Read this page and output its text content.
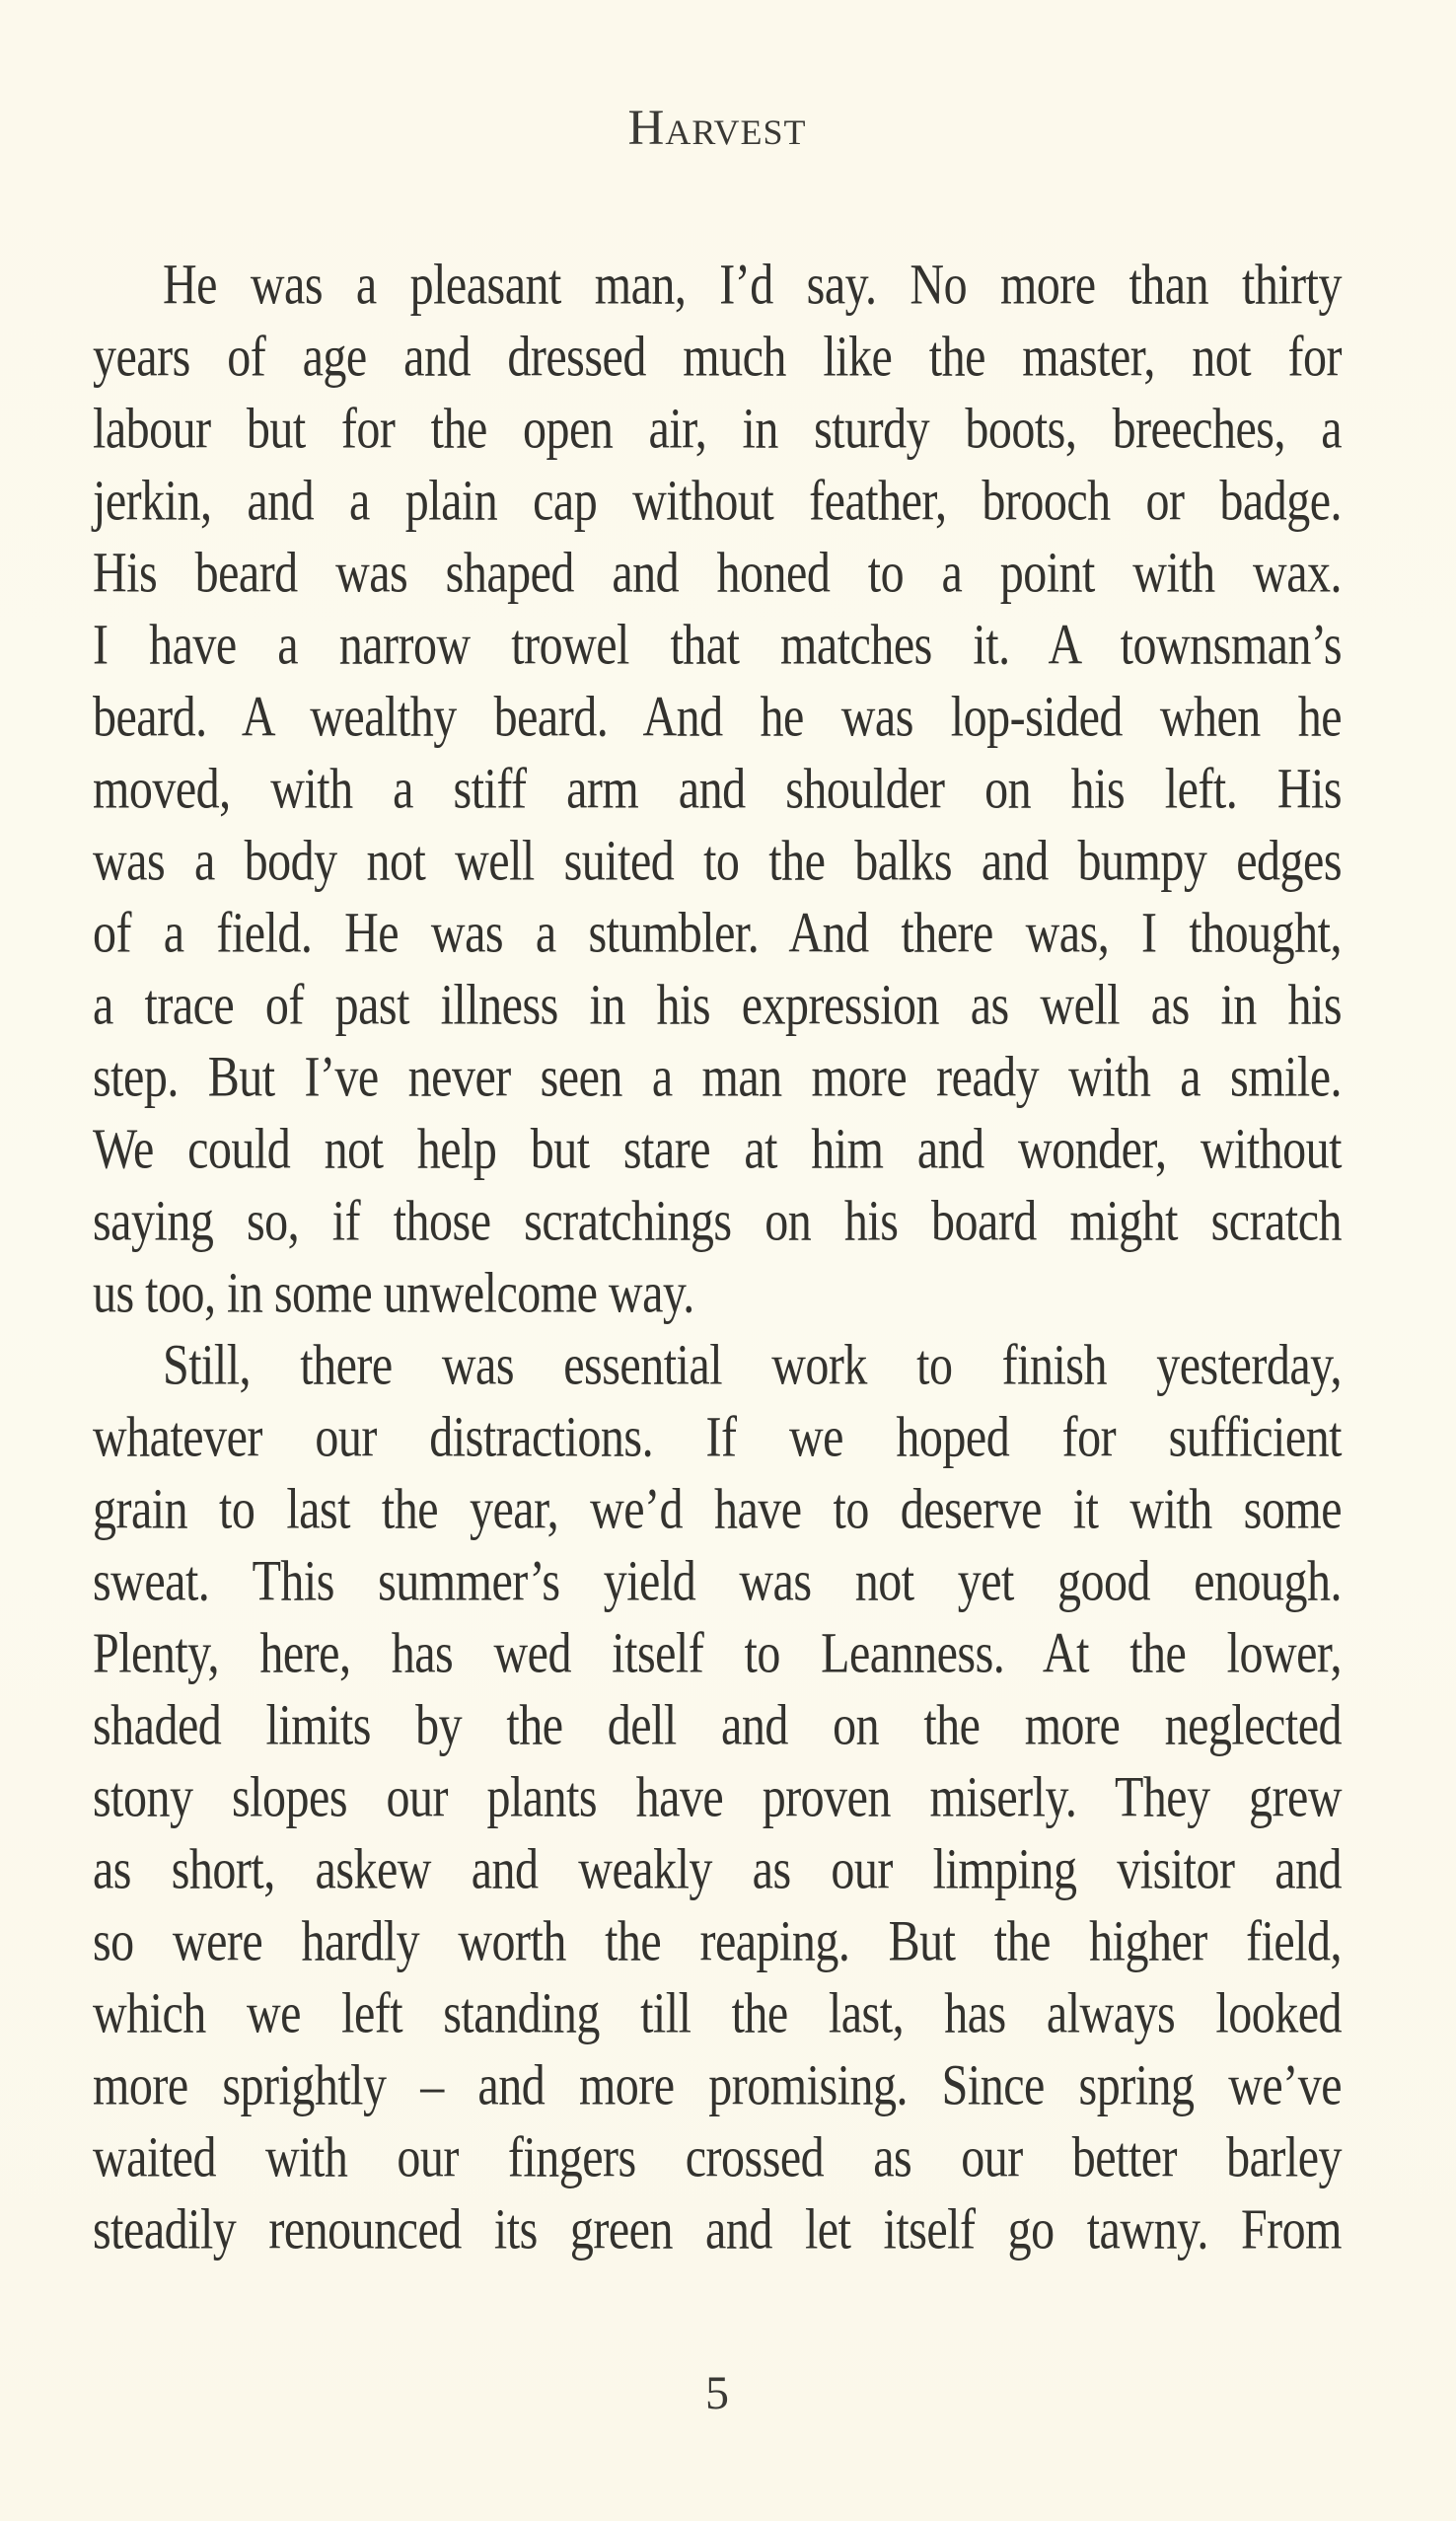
Harvest
He was a pleasant man, I’d say. No more than thirty
years of age and dressed much like the master, not for
labour but for the open air, in sturdy boots, breeches, a
jerkin, and a plain cap without feather, brooch or badge.
His beard was shaped and honed to a point with wax.
I have a narrow trowel that matches it. A townsman’s
beard. A wealthy beard. And he was lop-sided when he
moved, with a stiff arm and shoulder on his left. His
was a body not well suited to the balks and bumpy edges
of a field. He was a stumbler. And there was, I thought,
a trace of past illness in his expression as well as in his
step. But I’ve never seen a man more ready with a smile.
We could not help but stare at him and wonder, without
saying so, if those scratchings on his board might scratch
us too, in some unwelcome way.
Still, there was essential work to finish yesterday,
whatever our distractions. If we hoped for sufficient
grain to last the year, we’d have to deserve it with some
sweat. This summer’s yield was not yet good enough.
Plenty, here, has wed itself to Leanness. At the lower,
shaded limits by the dell and on the more neglected
stony slopes our plants have proven miserly. They grew
as short, askew and weakly as our limping visitor and
so were hardly worth the reaping. But the higher field,
which we left standing till the last, has always looked
more sprightly – and more promising. Since spring we’ve
waited with our fingers crossed as our better barley
steadily renounced its green and let itself go tawny. From
5
